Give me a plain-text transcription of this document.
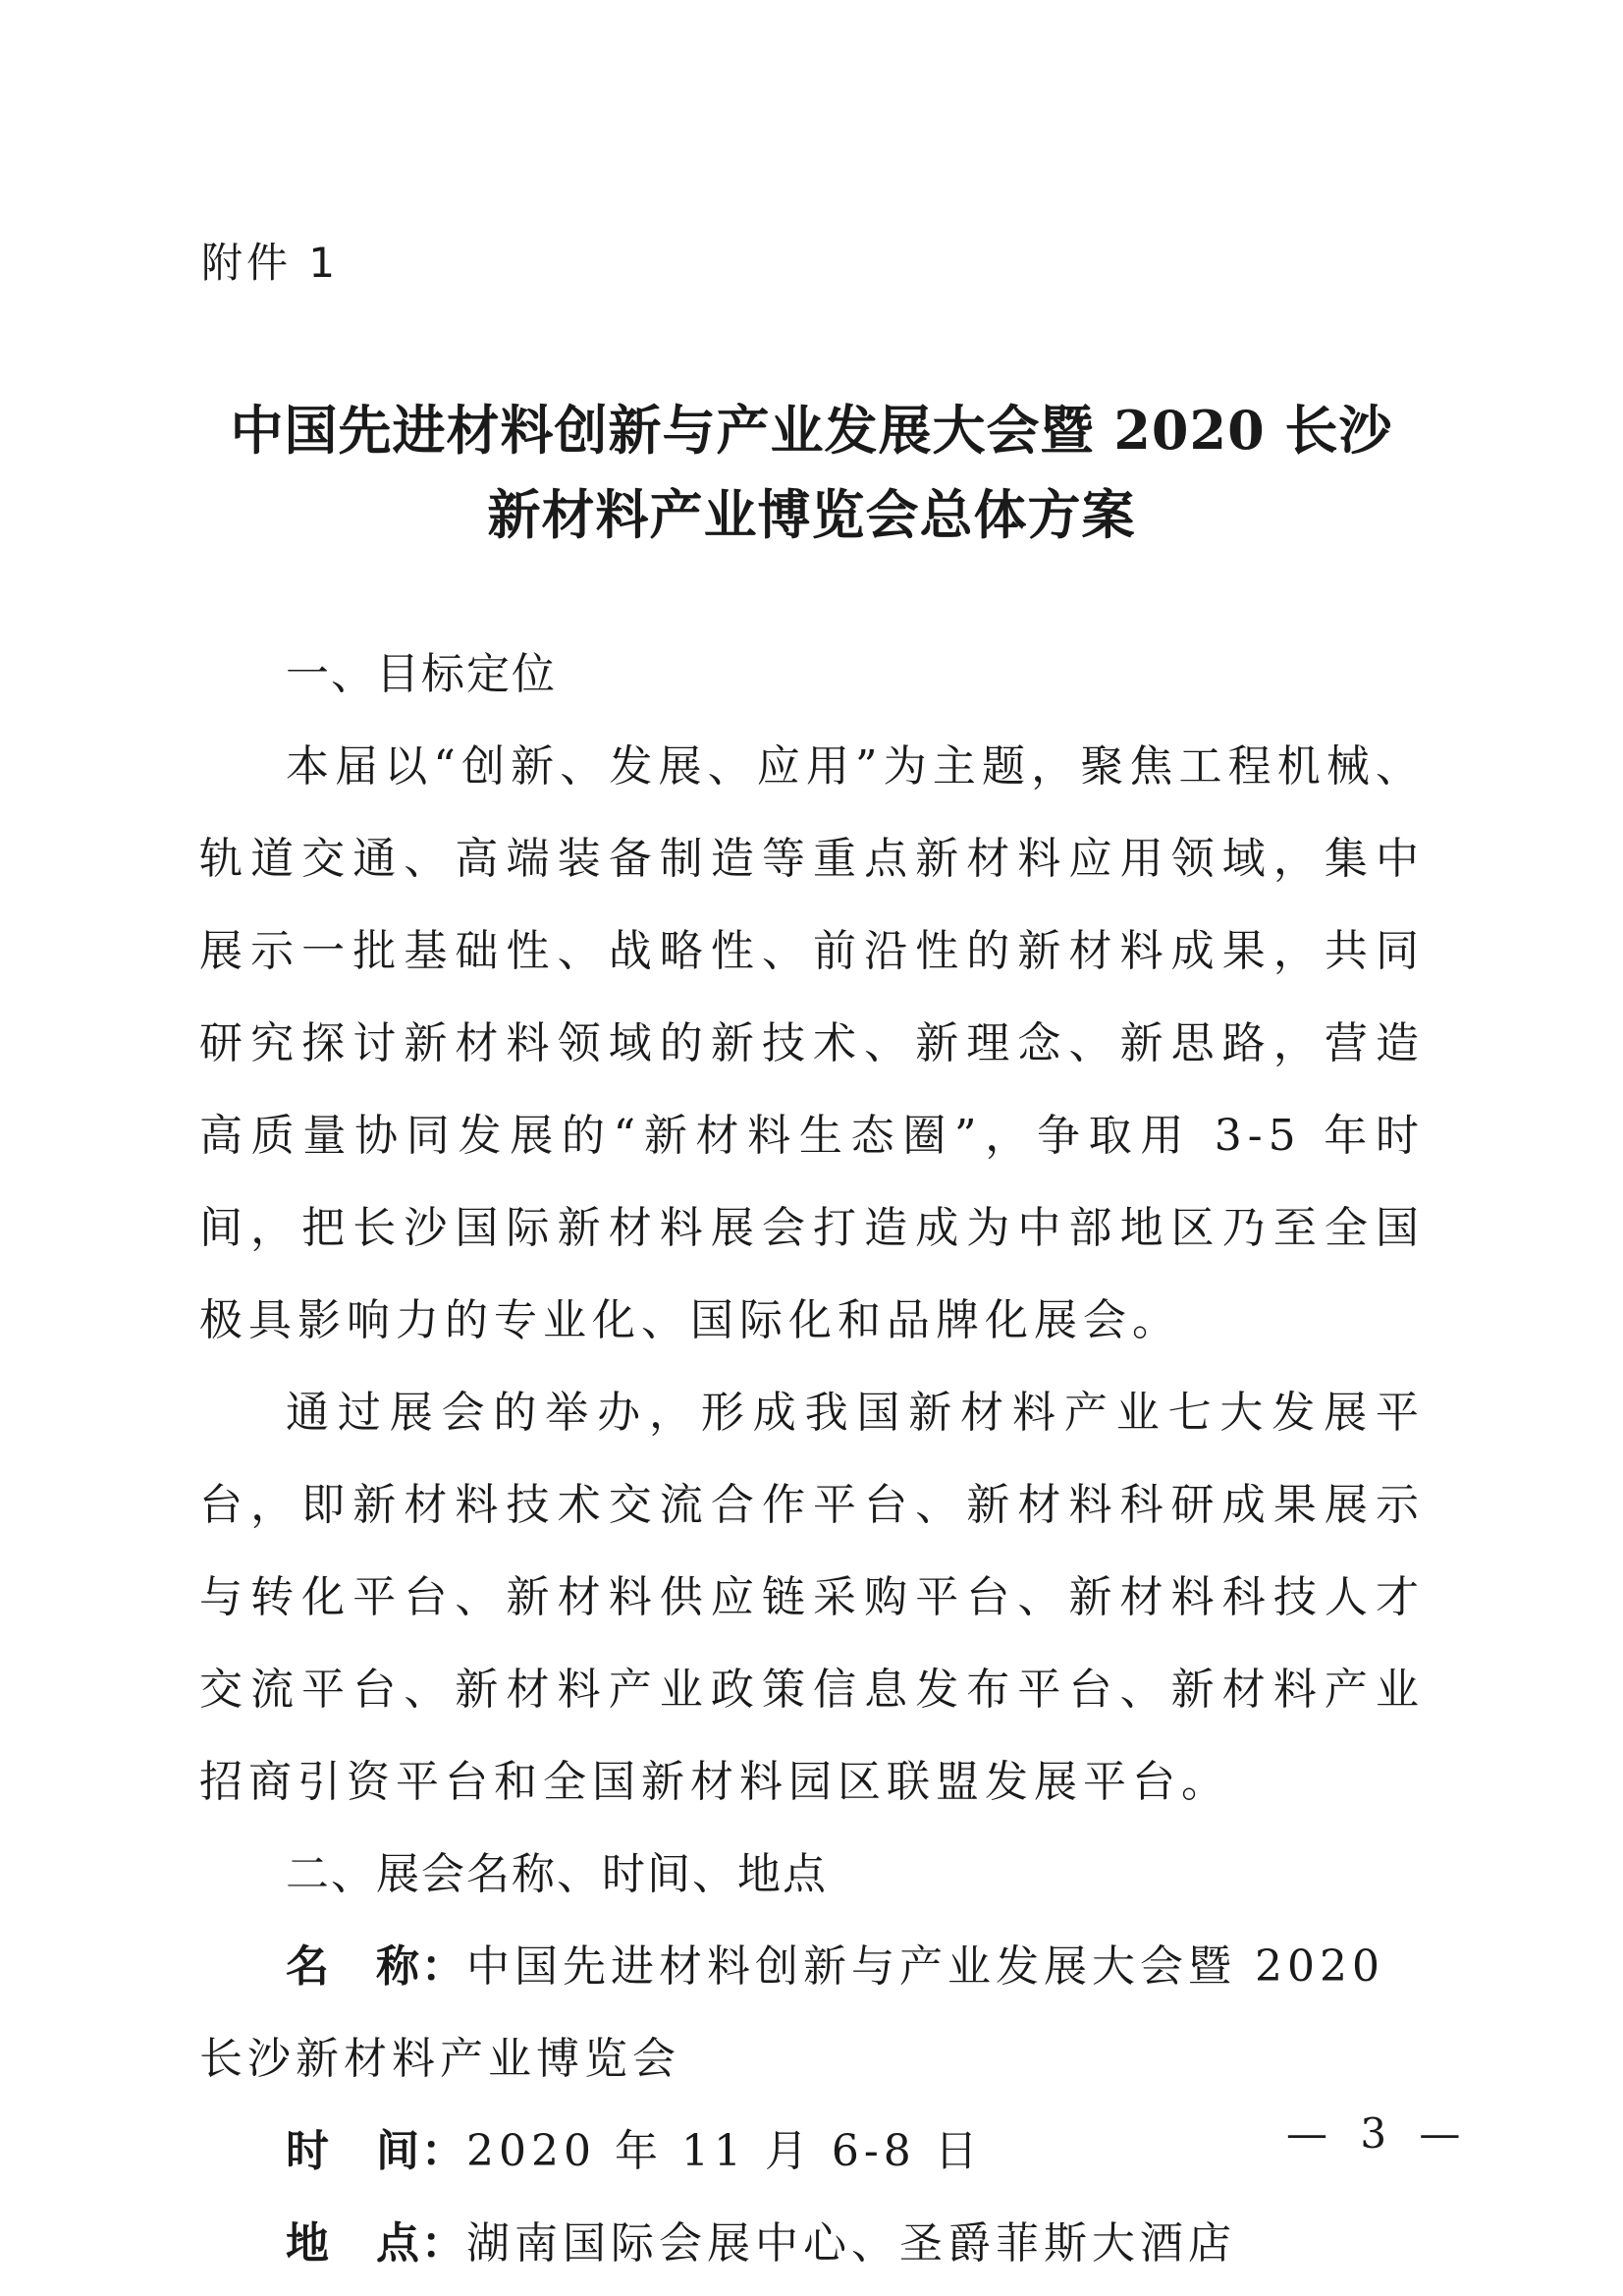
附件 1
中国先进材料创新与产业发展大会暨 2020 长沙
新材料产业博览会总体方案

一、目标定位

本届以“创新、发展、应用”为主题，聚焦工程机械、轨道交通、高端装备制造等重点新材料应用领域，集中展示一批基础性、战略性、前沿性的新材料成果，共同研究探讨新材料领域的新技术、新理念、新思路，营造高质量协同发展的“新材料生态圈”，争取用 3-5 年时间，把长沙国际新材料展会打造成为中部地区乃至全国极具影响力的专业化、国际化和品牌化展会。

通过展会的举办，形成我国新材料产业七大发展平台，即新材料技术交流合作平台、新材料科研成果展示与转化平台、新材料供应链采购平台、新材料科技人才交流平台、新材料产业政策信息发布平台、新材料产业招商引资平台和全国新材料园区联盟发展平台。

二、展会名称、时间、地点

名　称：中国先进材料创新与产业发展大会暨 2020 长沙新材料产业博览会

时　间：2020 年 11 月 6-8 日

地　点：湖南国际会展中心、圣爵菲斯大酒店

— 3 —
